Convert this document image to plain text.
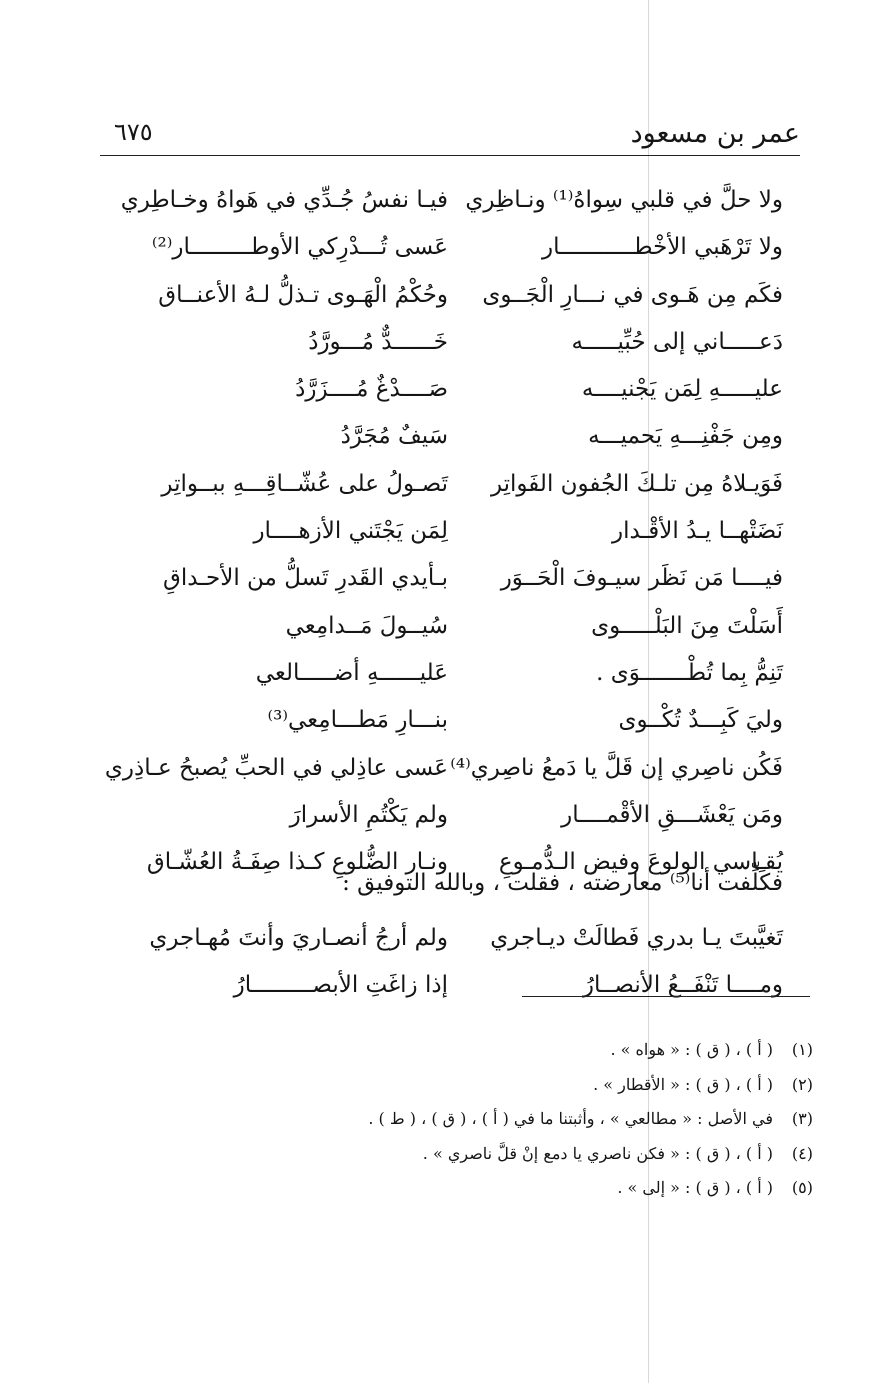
عمر بن مسعود
٦٧٥
ولا حلَّ في قلبي سِواهُ⁽¹⁾ ونـاظِري
فيـا نفسُ جُـدِّي في هَواهُ وخـاطِري
ولا تَرْهَبي الأخْطـــــــــــار
عَسى تُـــدْرِكي الأوطـــــــــار⁽²⁾
فكَم مِن هَـوى في نـــارِ الْجَــوى
وحُكْمُ الْهَـوى تـذلُّ لـهُ الأعنــاق
دَعـــــاني إلى حُبِّيـــــه
خَــــــدٌّ مُـــورَّدُ
عليـــــهِ لِمَن يَجْنيــــه
صَــــدْغٌ مُــــزَرَّدُ
ومِن جَفْنِـــهِ يَحميـــه
سَيفٌ مُجَرَّدُ
فَوَيـلاهُ مِن تلـكَ الجُفون الفَواتِر
تَصـولُ على عُشّــاقِـــهِ ببــواتِر
نَضَتْهــا يـدُ الأقْـدار
لِمَن يَجْتَني الأزهــــار
فيــــا مَن نَظَر سيـوفَ الْحَــوَر
بـأيدي القَدرِ تَسلُّ من الأحـداقِ
أَسَلْتَ مِنَ البَلْـــــوى
سُيــولَ مَــدامِعي
تَنِمُّ بِما تُطْـــــــوَى .
عَليــــــهِ أضـــــالعي
وليَ كَبِـــدٌ تُكْــوى
بنـــارِ مَطـــامِعي⁽³⁾
فَكُن ناصِري إن قَلَّ يا دَمعُ ناصِري⁽⁴⁾
عَسى عاذِلي في الحبِّ يُصبحُ عـاذِري
ومَن يَعْشَـــقِ الأقْمــــار
ولم يَكْتُمِ الأسرارَ
يُقـاسي الولوعَ وفيض الـدُّمـوعِ
ونـار الضُّلوعِ كـذا صِفَـةُ العُشّـاق
فكَلِّفت أنا⁽⁵⁾ معارضته ، فقلت ، وبالله التوفيق :
تَغيَّبتَ يـا بدري فَطالَتْ ديـاجري
ولم أرجُ أنصـاريَ وأنتَ مُهـاجري
ومــــا تَنْفَــعُ الأنصــارُ
إذا زاغَتِ الأبصـــــــــارُ
(١)
( أ ) ، ( ق ) : « هواه » .
(٢)
( أ ) ، ( ق ) : « الأقطار » .
(٣)
في الأصل : « مطالعي » ، وأثبتنا ما في ( أ ) ، ( ق ) ، ( ط ) .
(٤)
( أ ) ، ( ق ) : « فكن ناصري يا دمع إنْ قلَّ ناصري » .
(٥)
( أ ) ، ( ق ) : « إلى » .
